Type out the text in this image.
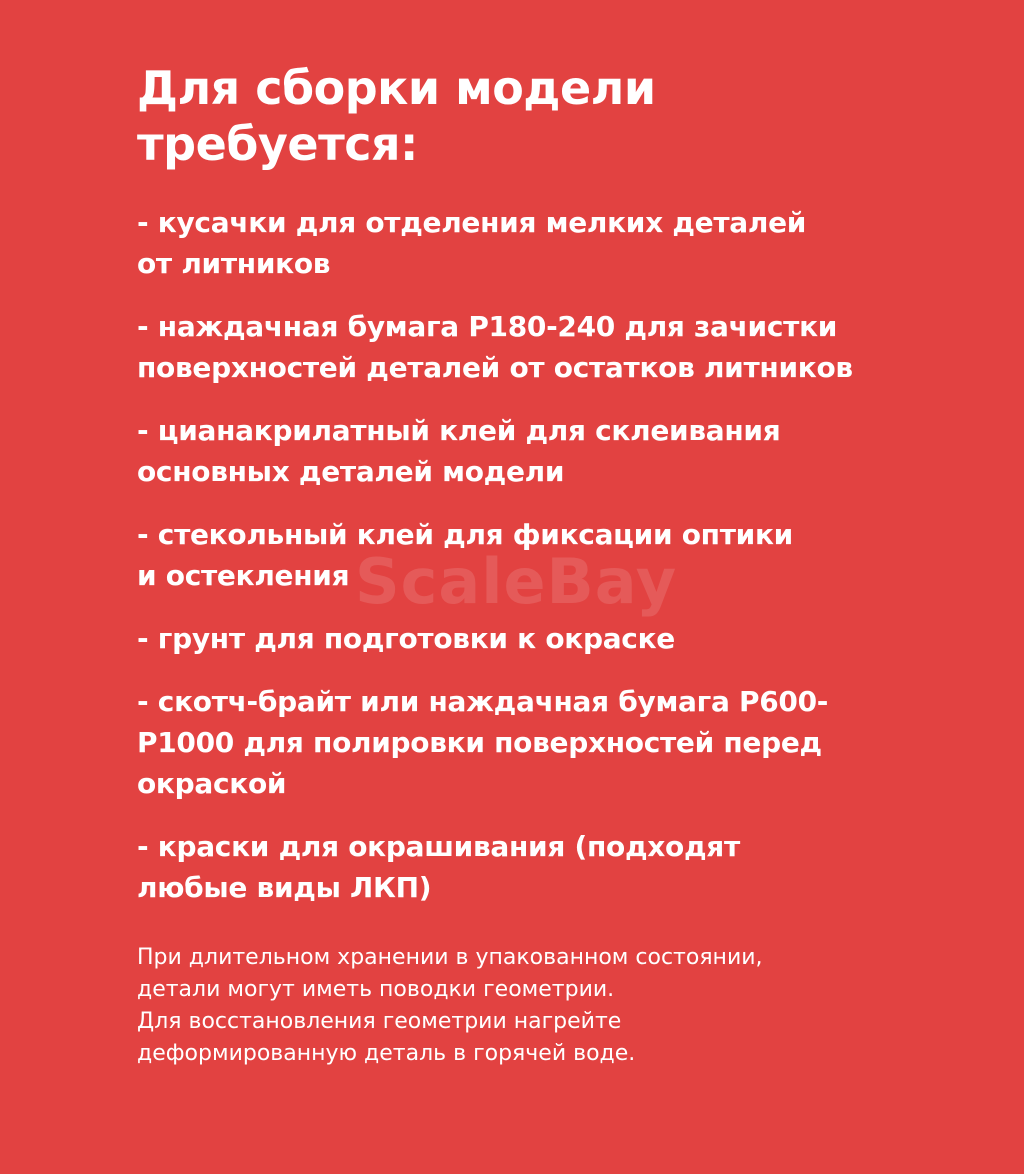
ScaleBay
Для сборки модели
требуется:
- кусачки для отделения мелких деталей
от литников
- наждачная бумага Р180-240 для зачистки
поверхностей деталей от остатков литников
- цианакрилатный клей для склеивания
основных деталей модели
- стекольный клей для фиксации оптики
и остекления
- грунт для подготовки к окраске
- скотч-брайт или наждачная бумага Р600-
Р1000 для полировки поверхностей перед
окраской
- краски для окрашивания (подходят
любые виды ЛКП)
При длительном хранении в упакованном состоянии,
детали могут иметь поводки геометрии.
Для восстановления геометрии нагрейте
деформированную деталь в горячей воде.
